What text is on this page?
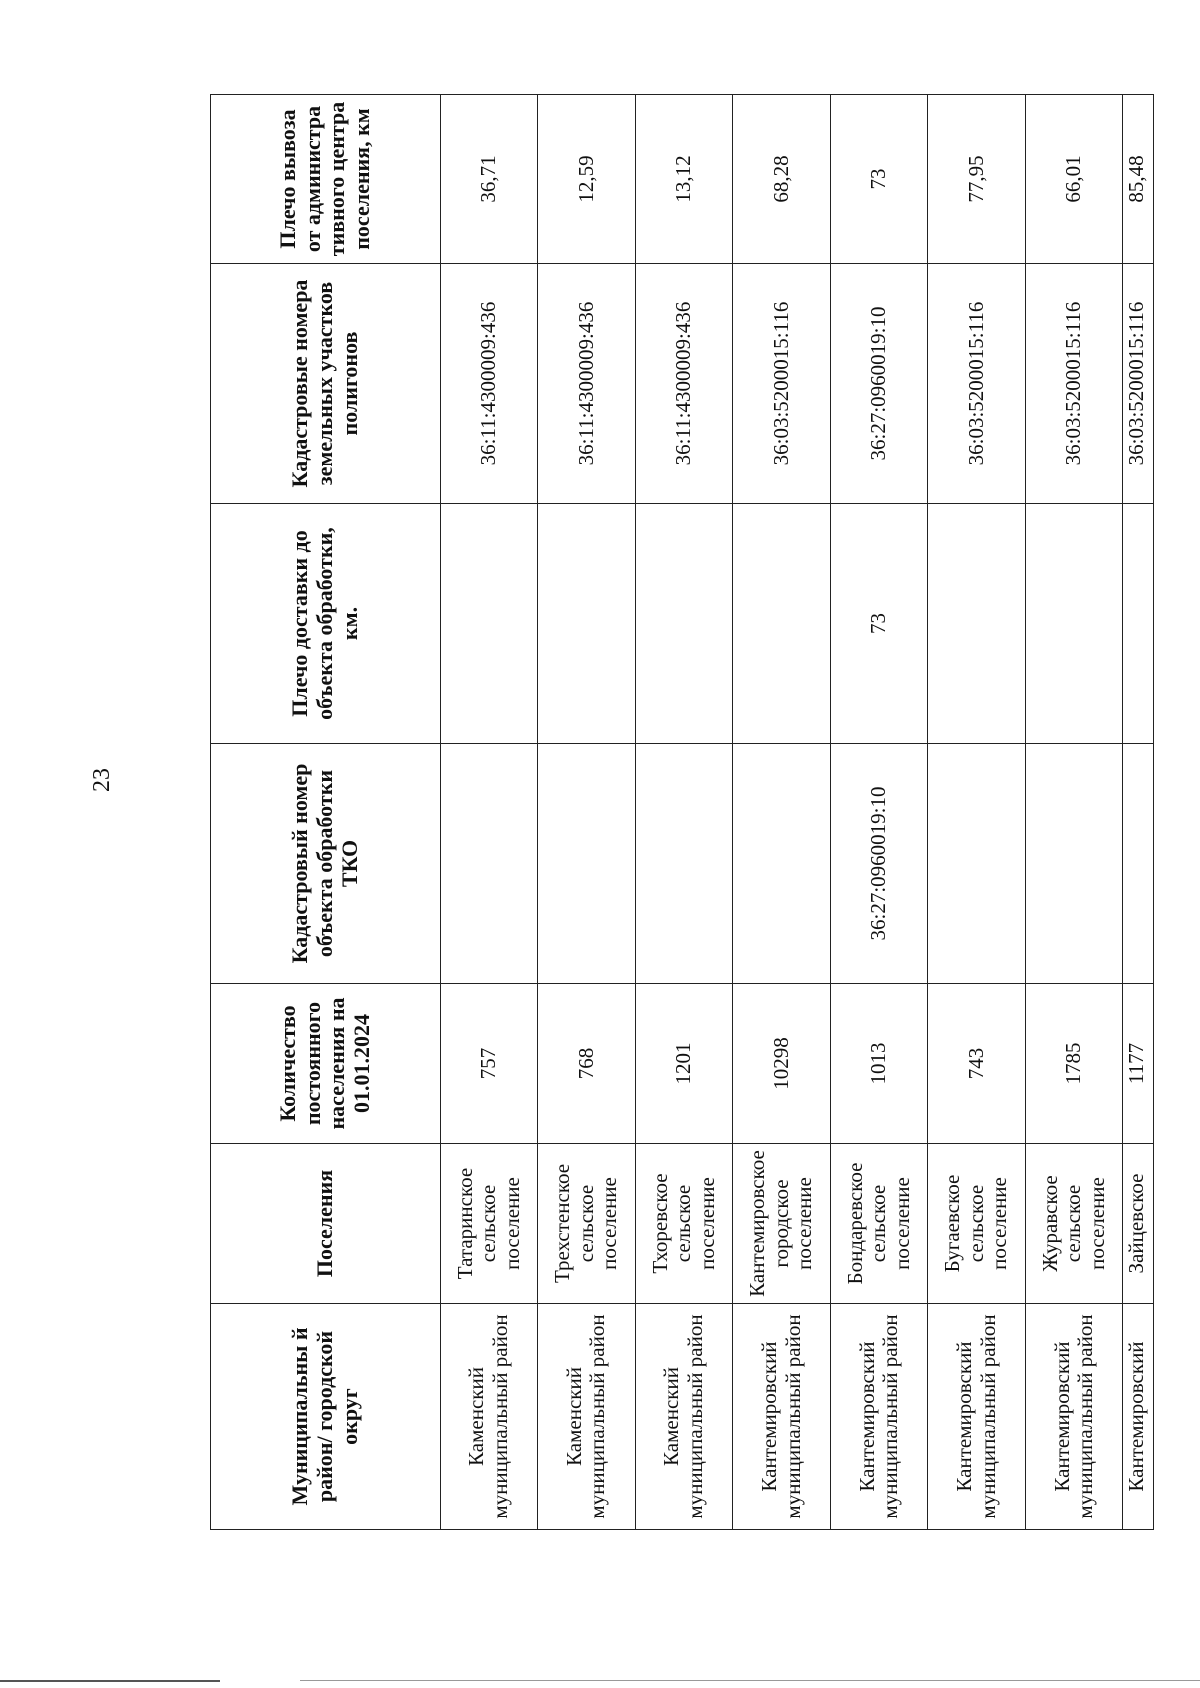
23
Муниципальны й район/ городской округ	Поселения	Количество постоянного населения на 01.01.2024	Кадастровый номер объекта обработки ТКО	Плечо доставки до объекта обработки, км.	Кадастровые номера земельных участков полигонов	Плечо вывоза от администра тивного центра поселения, км
Каменский муниципальный район	Татаринское сельское поселение	757			36:11:4300009:436	36,71
Каменский муниципальный район	Трехстенское сельское поселение	768			36:11:4300009:436	12,59
Каменский муниципальный район	Тхоревское сельское поселение	1201			36:11:4300009:436	13,12
Кантемировский муниципальный район	Кантемировское городское поселение	10298			36:03:5200015:116	68,28
Кантемировский муниципальный район	Бондаревское сельское поселение	1013	36:27:0960019:10	73	36:27:0960019:10	73
Кантемировский муниципальный район	Бугаевское сельское поселение	743			36:03:5200015:116	77,95
Кантемировский муниципальный район	Журавское сельское поселение	1785			36:03:5200015:116	66,01
Кантемировский	Зайцевское	1177			36:03:5200015:116	85,48
